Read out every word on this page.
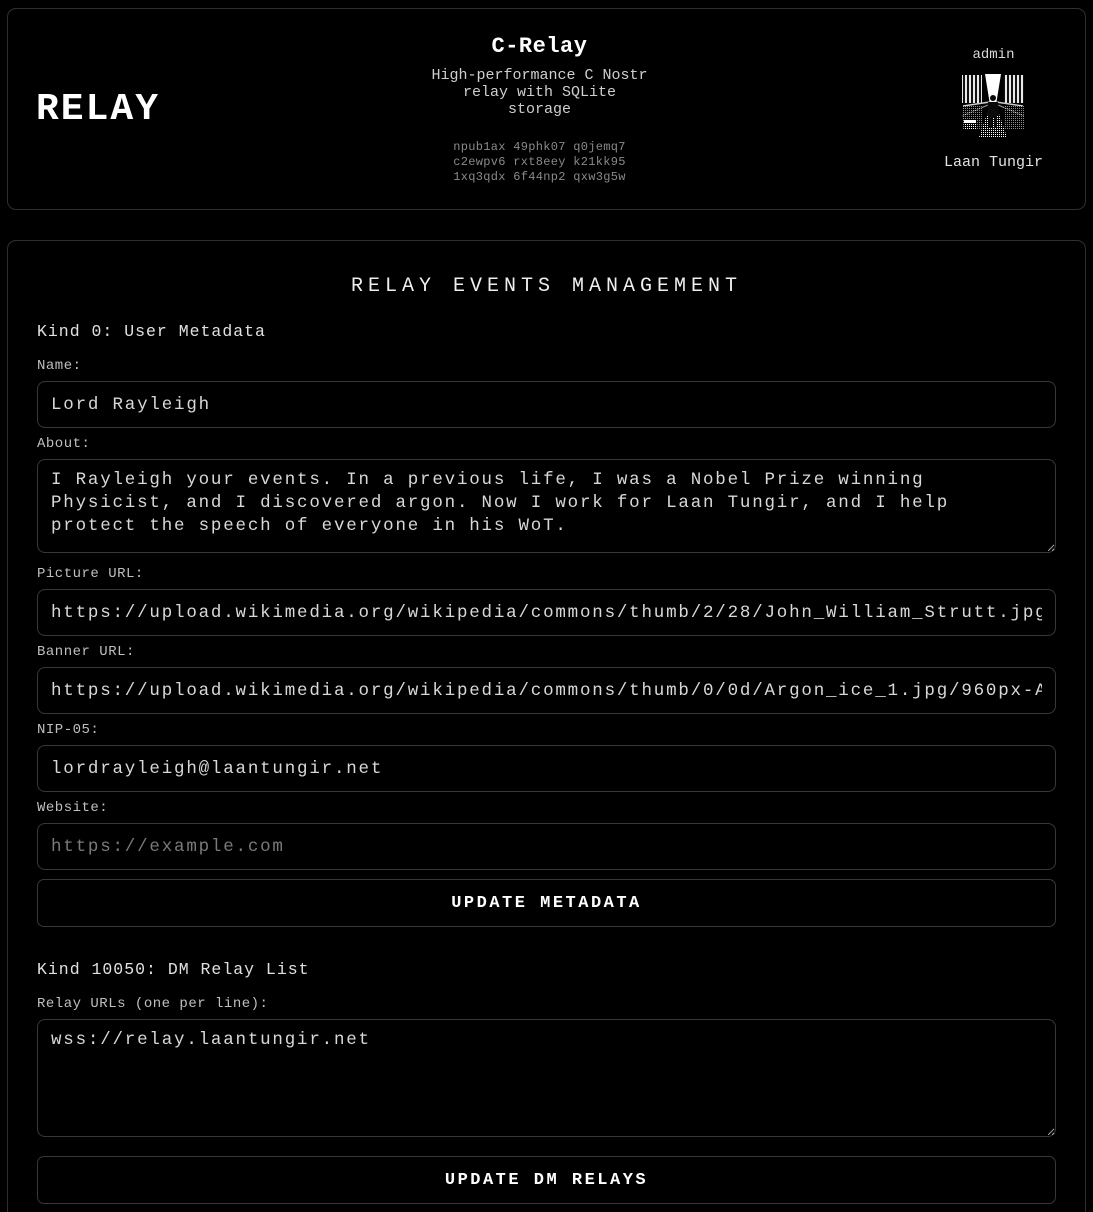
RELAY
C-Relay
High-performance C Nostr relay with SQLite storage
npub1ax 49phk07 q0jemq7
c2ewpv6 rxt8eey k21kk95
1xq3qdx 6f44np2 qxw3g5w
admin
Laan Tungir
RELAY EVENTS MANAGEMENT
Kind 0: User Metadata
Name:
Lord Rayleigh
About:
I Rayleigh your events. In a previous life, I was a Nobel Prize winning Physicist, and I discovered argon. Now I work for Laan Tungir, and I help protect the speech of everyone in his WoT.
Picture URL:
https://upload.wikimedia.org/wikipedia/commons/thumb/2/28/John_William_Strutt.jpg
Banner URL:
https://upload.wikimedia.org/wikipedia/commons/thumb/0/0d/Argon_ice_1.jpg/960px-Argon_ice_1.jpg
NIP-05:
lordrayleigh@laantungir.net
Website:
https://example.com
UPDATE METADATA
Kind 10050: DM Relay List
Relay URLs (one per line):
wss://relay.laantungir.net
UPDATE DM RELAYS
